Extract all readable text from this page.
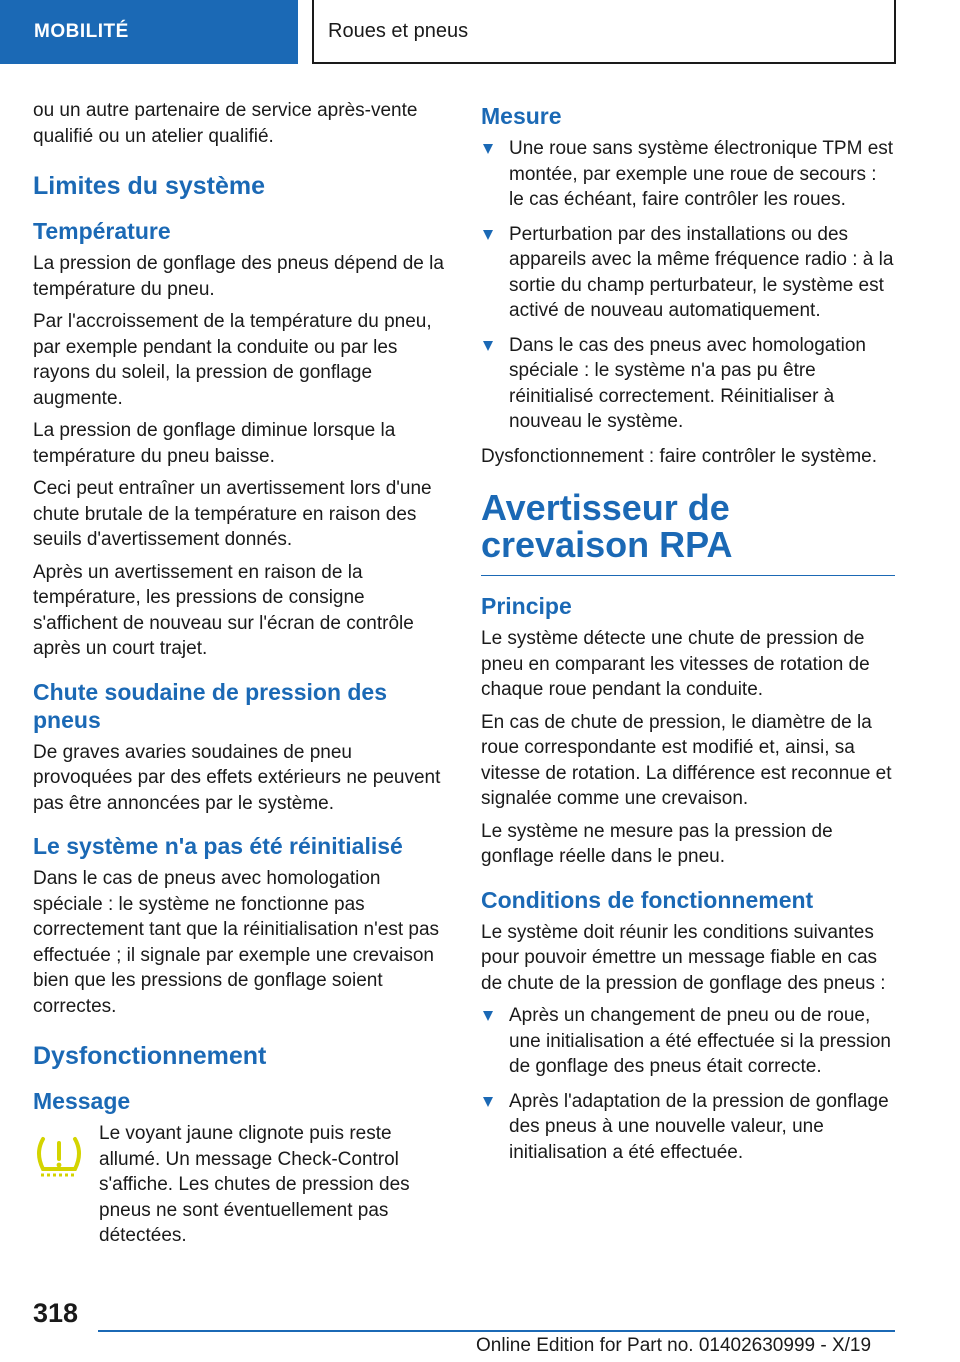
MOBILITÉ	Roues et pneus

ou un autre partenaire de service après-vente qualifié ou un atelier qualifié.

Limites du système
Température

La pression de gonflage des pneus dépend de la température du pneu.

Par l'accroissement de la température du pneu, par exemple pendant la conduite ou par les rayons du soleil, la pression de gonflage augmente.

La pression de gonflage diminue lorsque la température du pneu baisse.

Ceci peut entraîner un avertissement lors d'une chute brutale de la température en raison des seuils d'avertissement donnés.

Après un avertissement en raison de la température, les pressions de consigne s'affichent de nouveau sur l'écran de contrôle après un court trajet.

Chute soudaine de pression des pneus

De graves avaries soudaines de pneu provoquées par des effets extérieurs ne peuvent pas être annoncées par le système.

Le système n'a pas été réinitialisé

Dans le cas de pneus avec homologation spéciale : le système ne fonctionne pas correctement tant que la réinitialisation n'est pas effectuée ; il signale par exemple une crevaison bien que les pressions de gonflage soient correctes.

Dysfonctionnement
Message

Le voyant jaune clignote puis reste allumé. Un message Check-Control s'affiche. Les chutes de pression des pneus ne sont éventuellement pas détectées.

Mesure
Une roue sans système électronique TPM est montée, par exemple une roue de secours : le cas échéant, faire contrôler les roues.
Perturbation par des installations ou des appareils avec la même fréquence radio : à la sortie du champ perturbateur, le système est activé de nouveau automatiquement.
Dans le cas des pneus avec homologation spéciale : le système n'a pas pu être réinitialisé correctement. Réinitialiser à nouveau le système.

Dysfonctionnement : faire contrôler le système.

Avertisseur de crevaison RPA
Principe

Le système détecte une chute de pression de pneu en comparant les vitesses de rotation de chaque roue pendant la conduite.

En cas de chute de pression, le diamètre de la roue correspondante est modifié et, ainsi, sa vitesse de rotation. La différence est reconnue et signalée comme une crevaison.

Le système ne mesure pas la pression de gonflage réelle dans le pneu.

Conditions de fonctionnement

Le système doit réunir les conditions suivantes pour pouvoir émettre un message fiable en cas de chute de la pression de gonflage des pneus :

Après un changement de pneu ou de roue, une initialisation a été effectuée si la pression de gonflage des pneus était correcte.
Après l'adaptation de la pression de gonflage des pneus à une nouvelle valeur, une initialisation a été effectuée.
318
Online Edition for Part no. 01402630999 - X/19
